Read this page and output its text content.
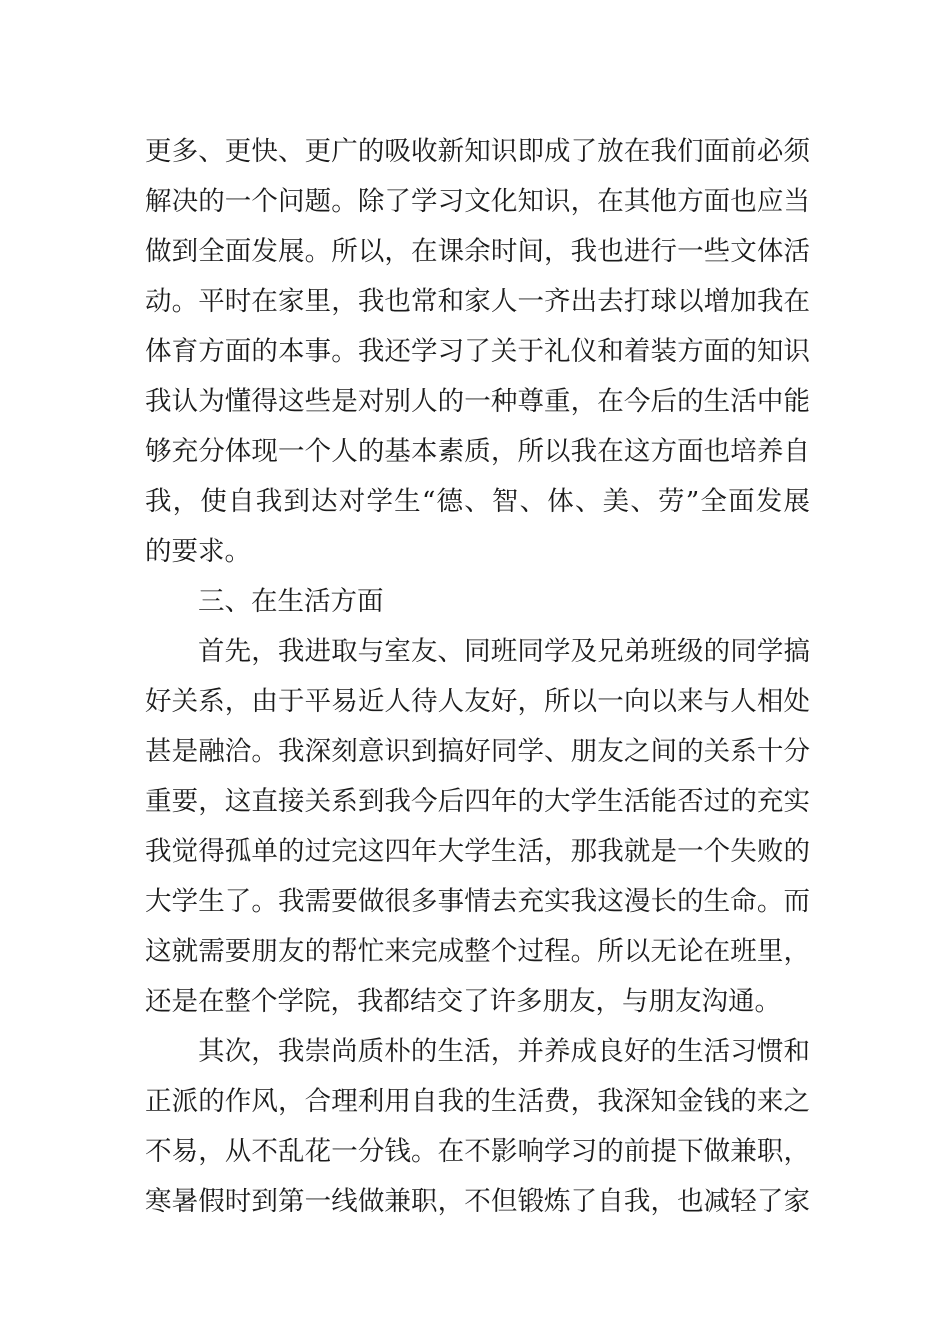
更多、更快、更广的吸收新知识即成了放在我们面前必须
解决的一个问题。除了学习文化知识，在其他方面也应当
做到全面发展。所以，在课余时间，我也进行一些文体活
动。平时在家里，我也常和家人一齐出去打球以增加我在
体育方面的本事。我还学习了关于礼仪和着装方面的知识
我认为懂得这些是对别人的一种尊重，在今后的生活中能
够充分体现一个人的基本素质，所以我在这方面也培养自
我，使自我到达对学生“德、智、体、美、劳”全面发展
的要求。
三、在生活方面
首先，我进取与室友、同班同学及兄弟班级的同学搞
好关系，由于平易近人待人友好，所以一向以来与人相处
甚是融洽。我深刻意识到搞好同学、朋友之间的关系十分
重要，这直接关系到我今后四年的大学生活能否过的充实
我觉得孤单的过完这四年大学生活，那我就是一个失败的
大学生了。我需要做很多事情去充实我这漫长的生命。而
这就需要朋友的帮忙来完成整个过程。所以无论在班里，
还是在整个学院，我都结交了许多朋友，与朋友沟通。
其次，我崇尚质朴的生活，并养成良好的生活习惯和
正派的作风，合理利用自我的生活费，我深知金钱的来之
不易，从不乱花一分钱。在不影响学习的前提下做兼职，
寒暑假时到第一线做兼职，不但锻炼了自我，也减轻了家
